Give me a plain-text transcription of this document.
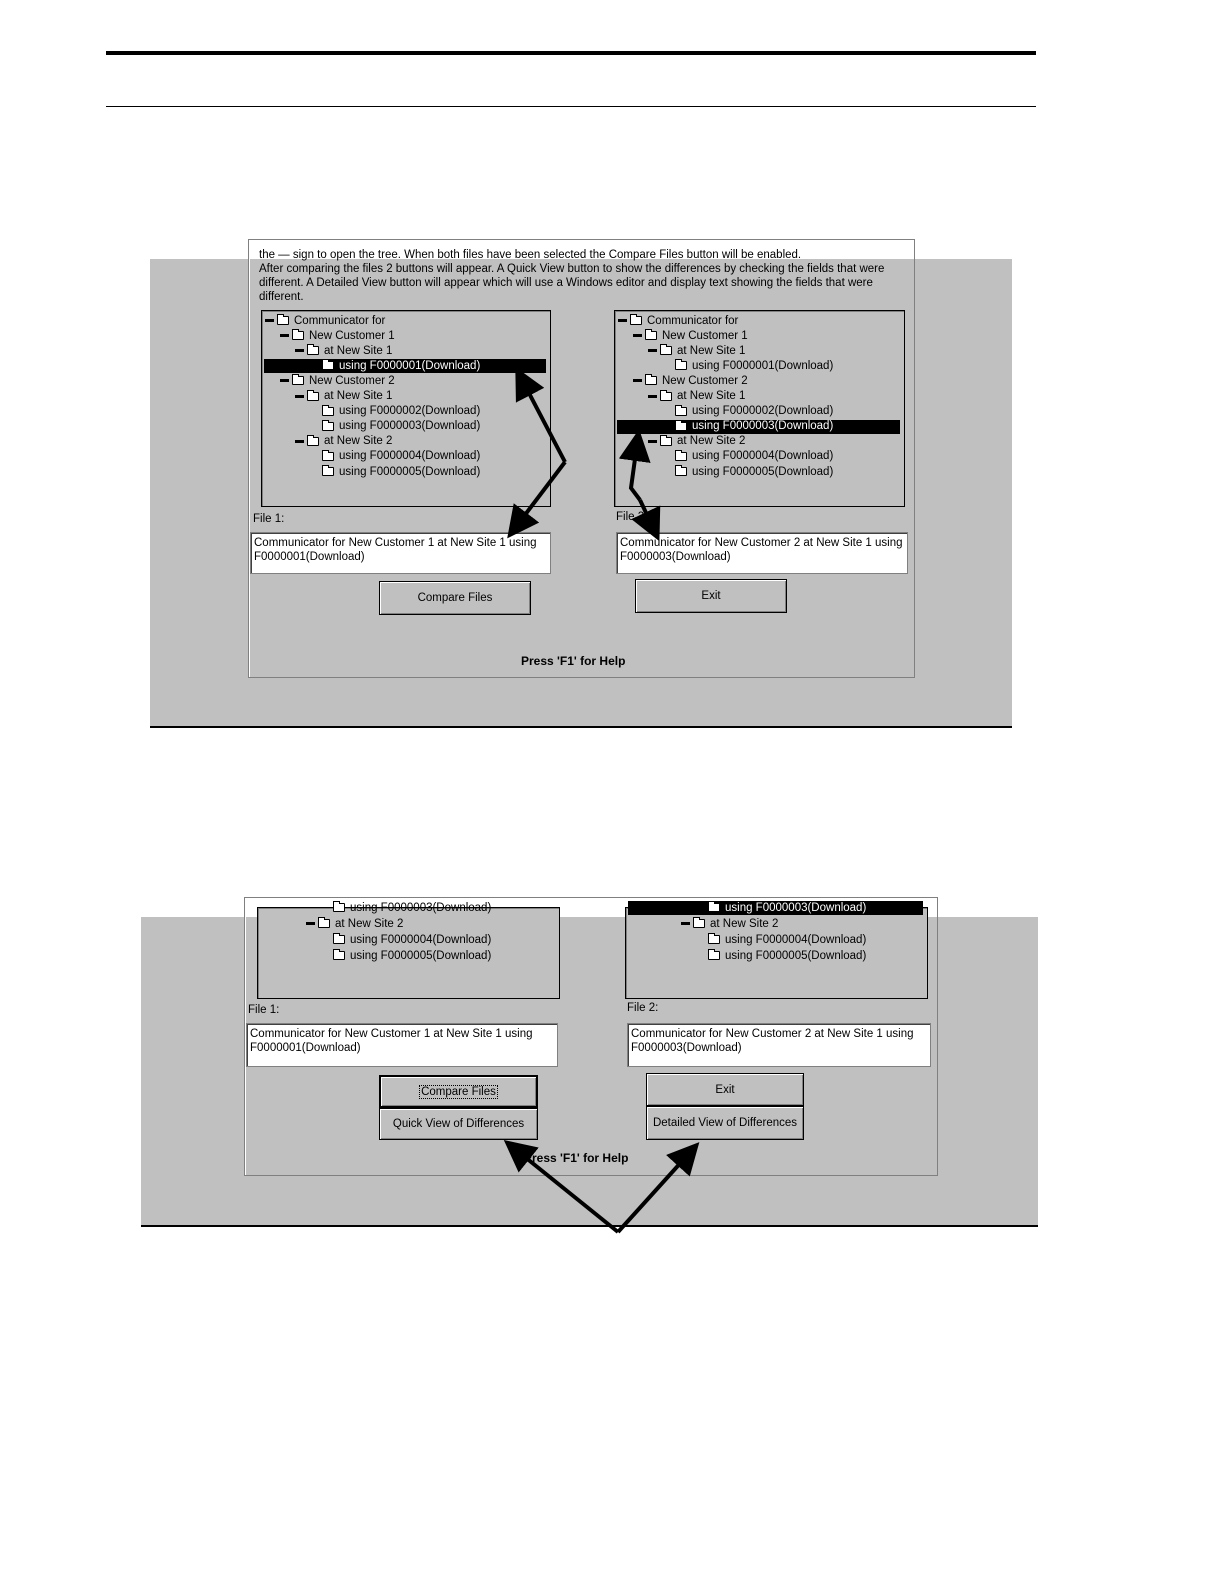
the — sign to open the tree. When both files have been selected the Compare Files button will be enabled.
After comparing the files 2 buttons will appear. A Quick View button to show the differences by checking the fields that were
different. A Detailed View button will appear which will use a Windows editor and display text showing the fields that were
different.
Communicator for
New Customer 1
at New Site 1
using F0000001(Download)
New Customer 2
at New Site 1
using F0000002(Download)
using F0000003(Download)
at New Site 2
using F0000004(Download)
using F0000005(Download)
Communicator for
New Customer 1
at New Site 1
using F0000001(Download)
New Customer 2
at New Site 1
using F0000002(Download)
using F0000003(Download)
at New Site 2
using F0000004(Download)
using F0000005(Download)
File 1:	File 2:
Communicator for New Customer 1 at New Site 1 using F0000001(Download)
Communicator for New Customer 2 at New Site 1 using F0000003(Download)
Compare Files	Exit
Press 'F1' for Help
using F0000003(Download)
at New Site 2
using F0000004(Download)
using F0000005(Download)
using F0000003(Download)
at New Site 2
using F0000004(Download)
using F0000005(Download)
File 1:	File 2:
Communicator for New Customer 1 at New Site 1 using F0000001(Download)
Communicator for New Customer 2 at New Site 1 using F0000003(Download)
Compare Files
Quick View of Differences
Exit
Detailed View of Differences
Press 'F1' for Help
